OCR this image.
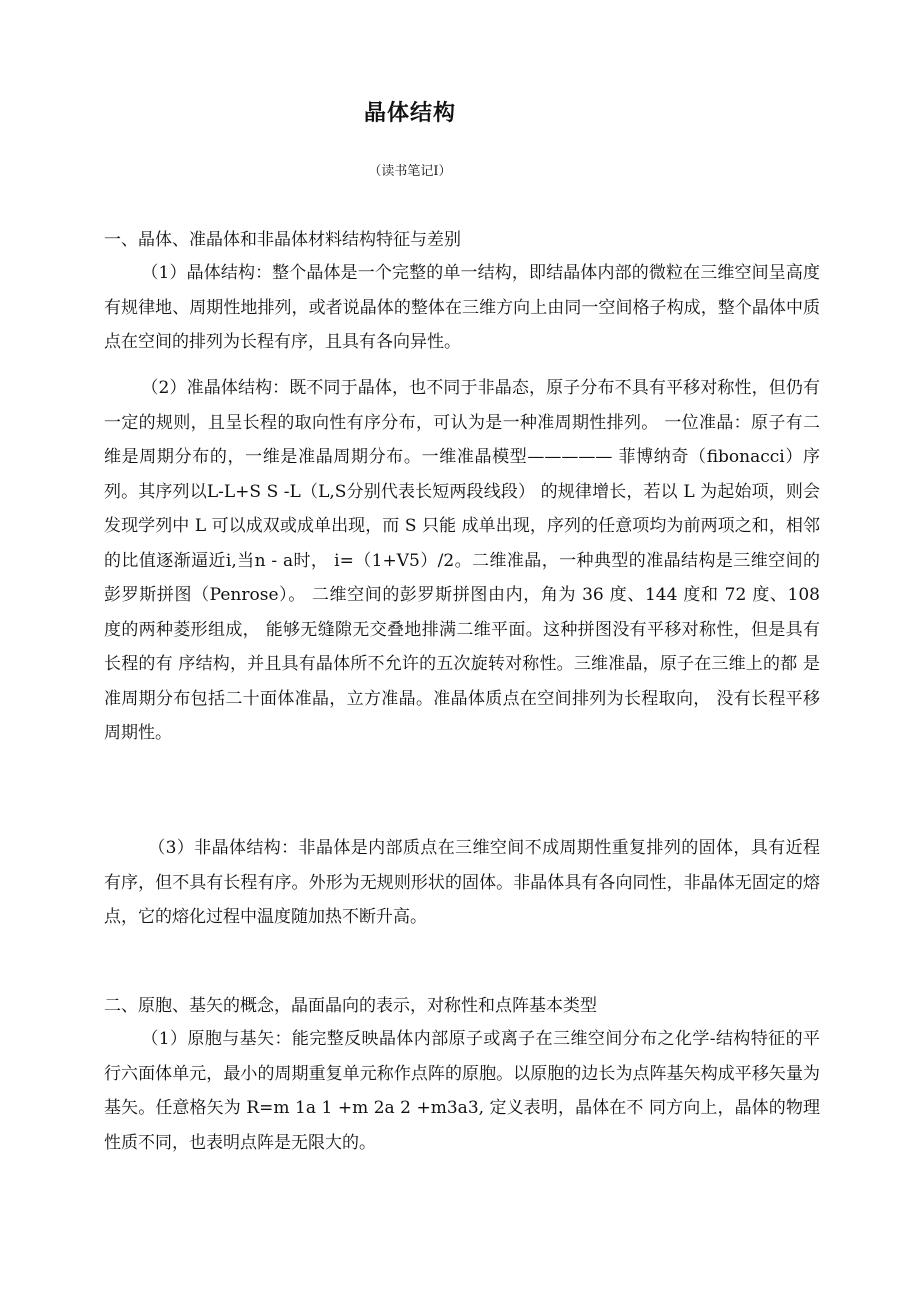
晶体结构
（读书笔记I）
一、晶体、准晶体和非晶体材料结构特征与差别
（1）晶体结构：整个晶体是一个完整的单一结构，即结晶体内部的微粒在三维空间呈高度有规律地、周期性地排列，或者说晶体的整体在三维方向上由同一空间格子构成，整个晶体中质点在空间的排列为长程有序，且具有各向异性。
（2）准晶体结构：既不同于晶体，也不同于非晶态，原子分布不具有平移对称性，但仍有一定的规则，且呈长程的取向性有序分布，可认为是一种准周期性排列。 一位准晶：原子有二维是周期分布的，一维是准晶周期分布。一维准晶模型————— 菲博纳奇（fibonacci）序列。其序列以L-L+S S -L（L,S分别代表长短两段线段） 的规律增长，若以 L 为起始项，则会发现学列中 L 可以成双或成单出现，而 S 只能 成单出现，序列的任意项均为前两项之和，相邻的比值逐渐逼近i,当n - a时， i=（1+V5）/2。二维准晶，一种典型的准晶结构是三维空间的彭罗斯拼图（Penrose）。 二维空间的彭罗斯拼图由内，角为 36 度、144 度和 72 度、108 度的两种菱形组成， 能够无缝隙无交叠地排满二维平面。这种拼图没有平移对称性，但是具有长程的有 序结构，并且具有晶体所不允许的五次旋转对称性。三维准晶，原子在三维上的都 是准周期分布包括二十面体准晶，立方准晶。准晶体质点在空间排列为长程取向， 没有长程平移周期性。
（3）非晶体结构：非晶体是内部质点在三维空间不成周期性重复排列的固体，具有近程有序，但不具有长程有序。外形为无规则形状的固体。非晶体具有各向同性，非晶体无固定的熔点，它的熔化过程中温度随加热不断升高。
二、原胞、基矢的概念，晶面晶向的表示，对称性和点阵基本类型
（1）原胞与基矢：能完整反映晶体内部原子或离子在三维空间分布之化学-结构特征的平行六面体单元，最小的周期重复单元称作点阵的原胞。以原胞的边长为点阵基矢构成平移矢量为基矢。任意格矢为 R=m 1a 1 +m 2a 2 +m3a3, 定义表明，晶体在不 同方向上，晶体的物理性质不同，也表明点阵是无限大的。
